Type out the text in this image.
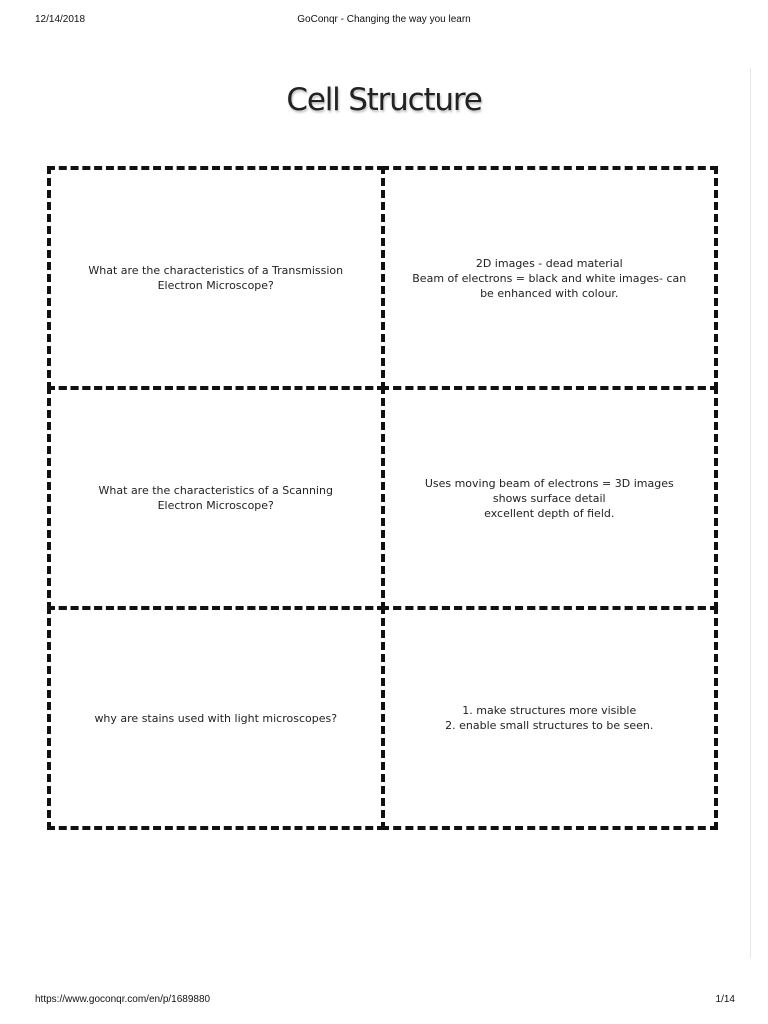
12/14/2018	GoConqr - Changing the way you learn
Cell Structure
What are the characteristics of a Transmission Electron Microscope?
2D images - dead material
Beam of electrons = black and white images- can be enhanced with colour.
What are the characteristics of a Scanning Electron Microscope?
Uses moving beam of electrons = 3D images
shows surface detail
excellent depth of field.
why are stains used with light microscopes?
1. make structures more visible
2. enable small structures to be seen.
https://www.goconqr.com/en/p/1689880	1/14
